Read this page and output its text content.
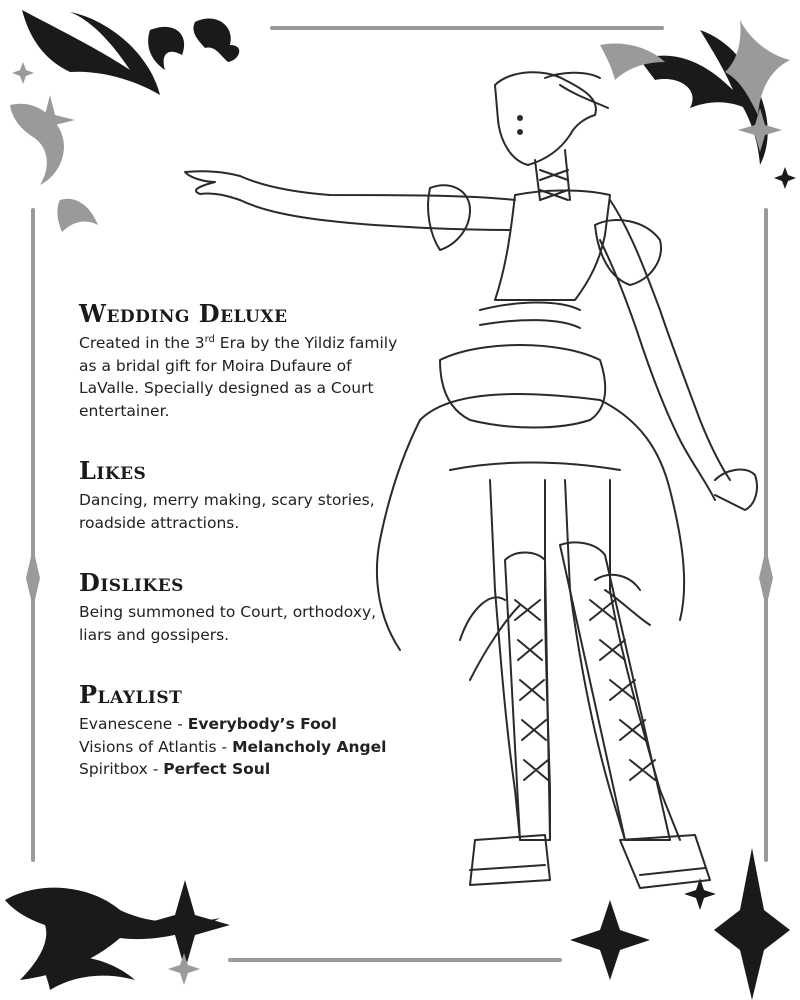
Wedding Deluxe
Created in the 3rd Era by the Yildiz family as a bridal gift for Moira Dufaure of LaValle. Specially designed as a Court entertainer.
Likes
Dancing, merry making, scary stories, roadside attractions.
Dislikes
Being summoned to Court, orthodoxy, liars and gossipers.
Playlist
Evanescene - Everybody’s Fool
Visions of Atlantis - Melancholy Angel
Spiritbox - Perfect Soul
